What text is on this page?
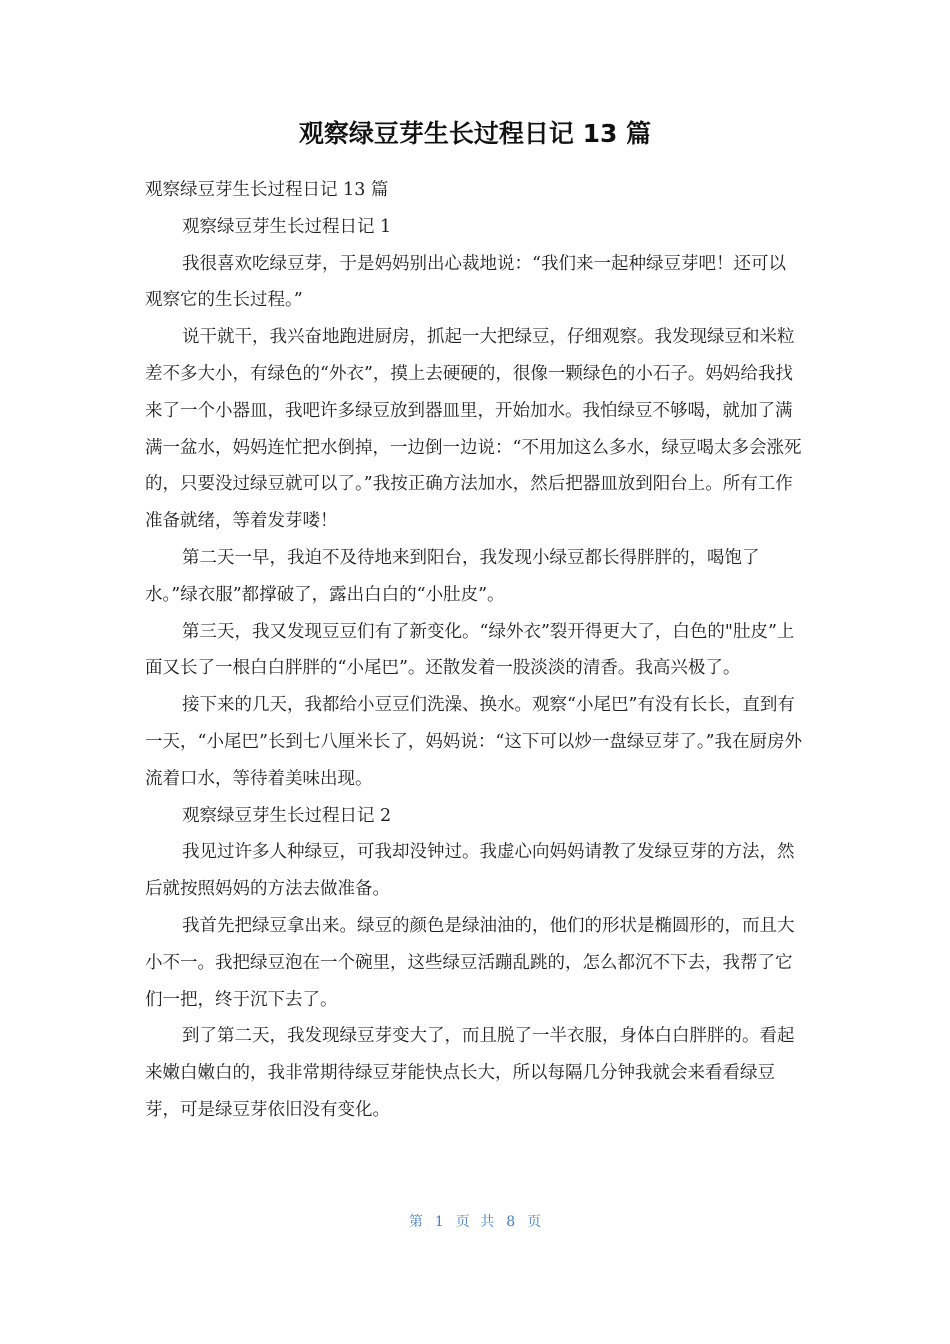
观察绿豆芽生长过程日记 13 篇

观察绿豆芽生长过程日记 13 篇

观察绿豆芽生长过程日记 1

我很喜欢吃绿豆芽，于是妈妈别出心裁地说：“我们来一起种绿豆芽吧！还可以观察它的生长过程。”

说干就干，我兴奋地跑进厨房，抓起一大把绿豆，仔细观察。我发现绿豆和米粒差不多大小，有绿色的“外衣”，摸上去硬硬的，很像一颗绿色的小石子。妈妈给我找来了一个小器皿，我吧许多绿豆放到器皿里，开始加水。我怕绿豆不够喝，就加了满满一盆水，妈妈连忙把水倒掉，一边倒一边说：“不用加这么多水，绿豆喝太多会涨死的，只要没过绿豆就可以了。”我按正确方法加水，然后把器皿放到阳台上。所有工作准备就绪，等着发芽喽！

第二天一早，我迫不及待地来到阳台，我发现小绿豆都长得胖胖的，喝饱了水。”绿衣服”都撑破了，露出白白的“小肚皮”。

第三天，我又发现豆豆们有了新变化。“绿外衣”裂开得更大了，白色的"肚皮”上面又长了一根白白胖胖的“小尾巴”。还散发着一股淡淡的清香。我高兴极了。

接下来的几天，我都给小豆豆们洗澡、换水。观察“小尾巴”有没有长长，直到有一天，“小尾巴”长到七八厘米长了，妈妈说：“这下可以炒一盘绿豆芽了。”我在厨房外流着口水，等待着美味出现。

观察绿豆芽生长过程日记 2

我见过许多人种绿豆，可我却没钟过。我虚心向妈妈请教了发绿豆芽的方法，然后就按照妈妈的方法去做准备。

我首先把绿豆拿出来。绿豆的颜色是绿油油的，他们的形状是椭圆形的，而且大小不一。我把绿豆泡在一个碗里，这些绿豆活蹦乱跳的，怎么都沉不下去，我帮了它们一把，终于沉下去了。

到了第二天，我发现绿豆芽变大了，而且脱了一半衣服，身体白白胖胖的。看起来嫩白嫩白的，我非常期待绿豆芽能快点长大，所以每隔几分钟我就会来看看绿豆芽，可是绿豆芽依旧没有变化。

第 1 页 共 8 页
